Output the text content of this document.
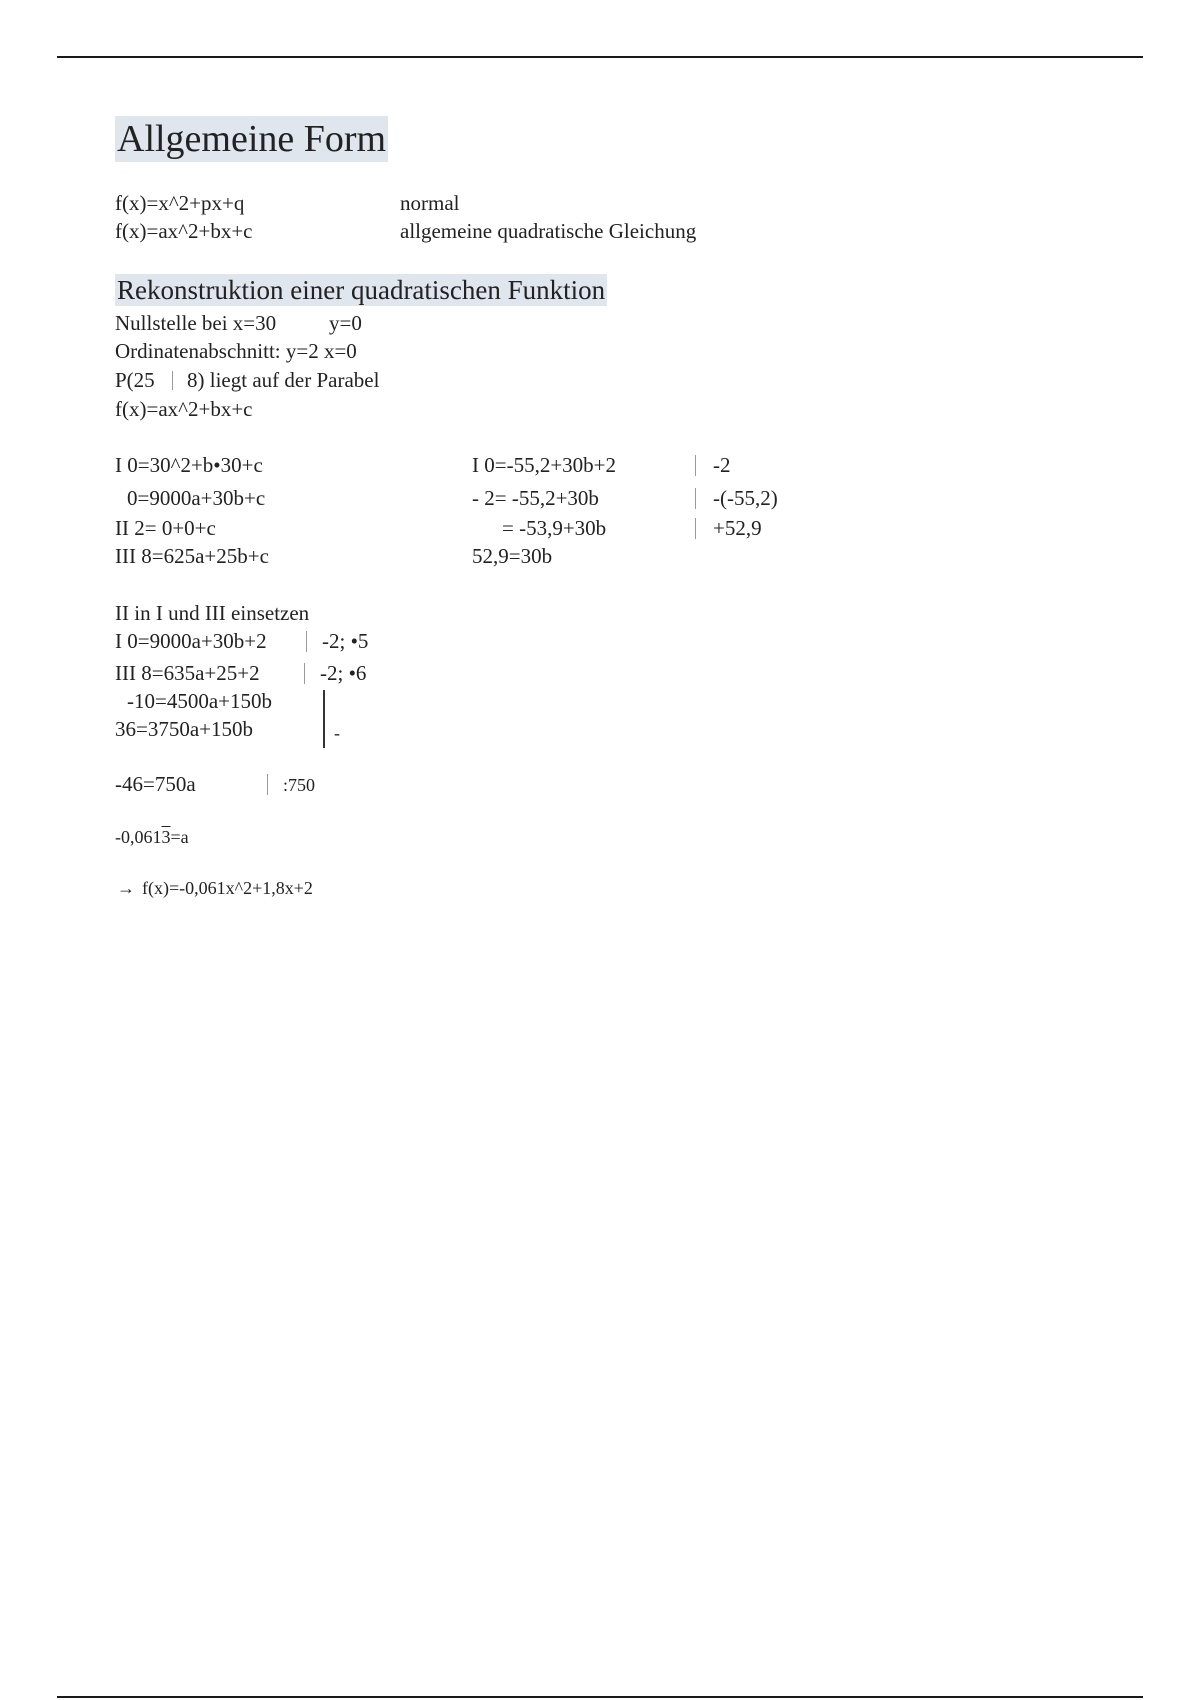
Allgemeine Form
f(x)=x^2+px+q	normal
f(x)=ax^2+bx+c	allgemeine quadratische Gleichung
Rekonstruktion einer quadratischen Funktion
Nullstelle bei x=30	y=0
Ordinatenabschnitt: y=2 x=0
P(25 8) liegt auf der Parabel
f(x)=ax^2+bx+c
I 0=30^2+b•30+c
0=9000a+30b+c
II 2= 0+0+c
III 8=625a+25b+c
I 0=-55,2+30b+2	-2
- 2= -55,2+30b	-(-55,2)
= -53,9+30b	+52,9
52,9=30b
II in I und III einsetzen
I 0=9000a+30b+2	-2; •5
III 8=635a+25+2	-2; •6
-10=4500a+150b
36=3750a+150b	-
-46=750a	:750
-0,0613=a
→ f(x)=-0,061x^2+1,8x+2
